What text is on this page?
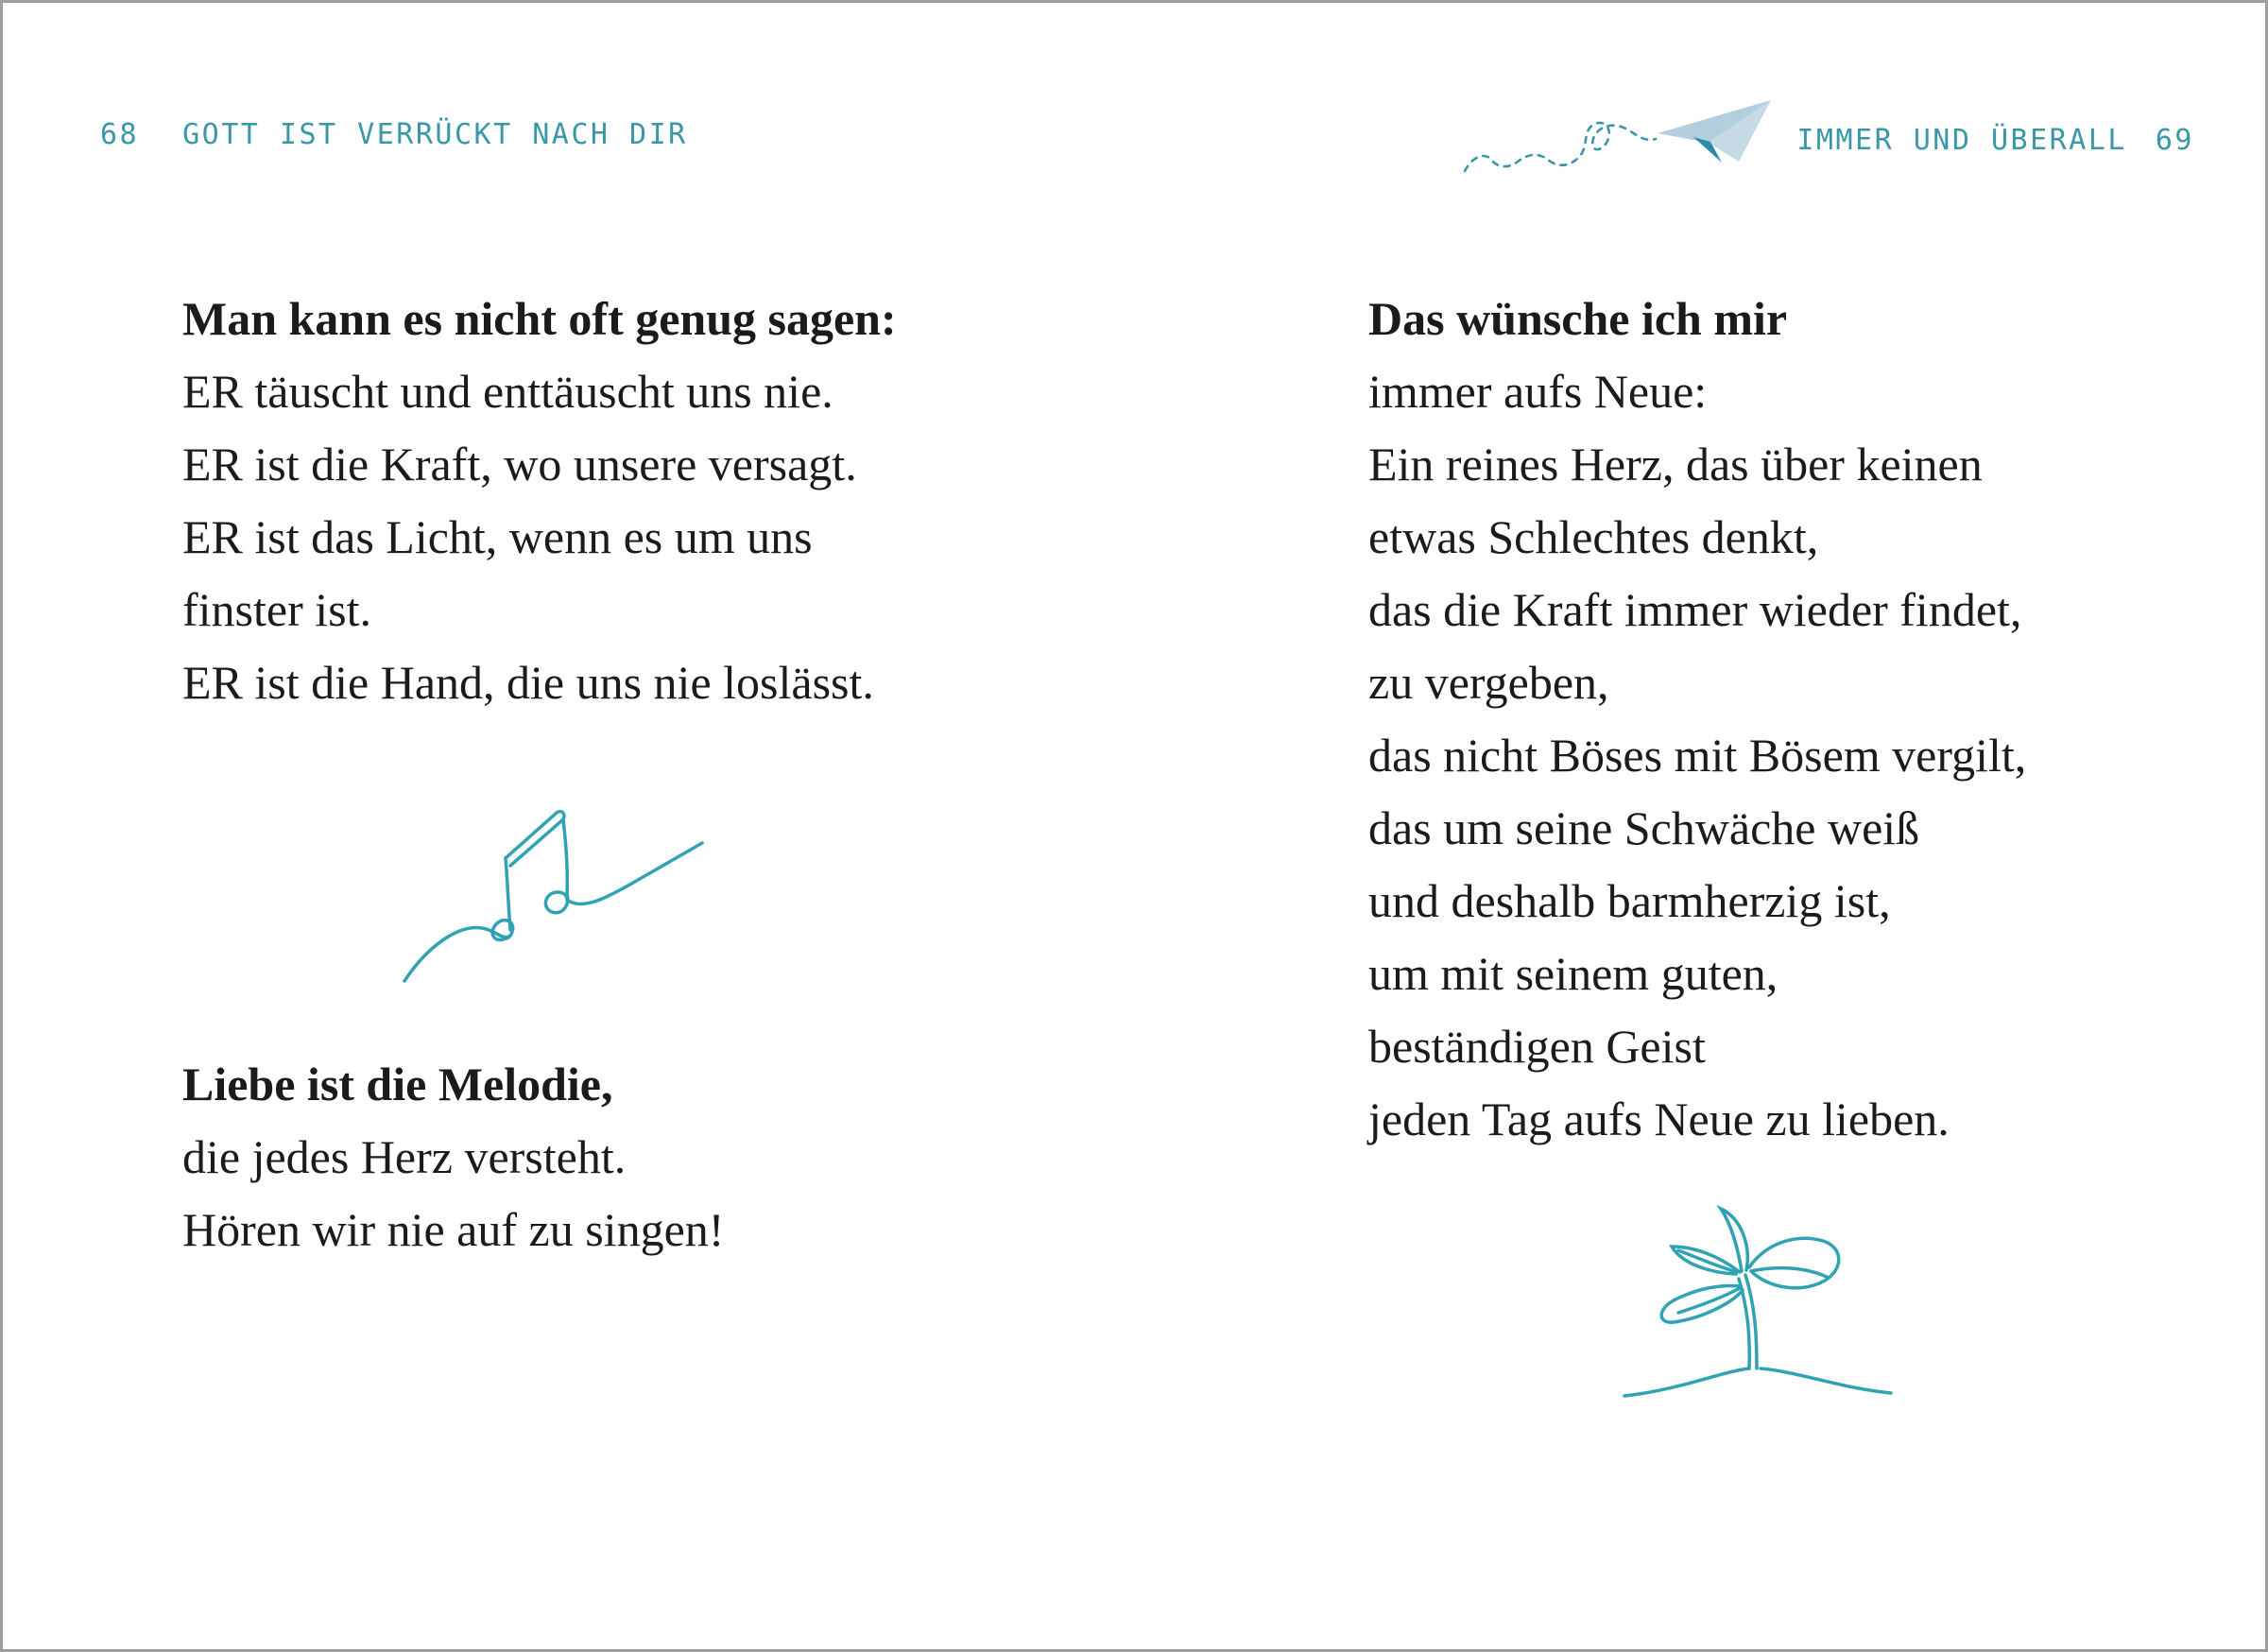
68 GOTT IST VERRÜCKT NACH DIR	IMMER UND ÜBERALL 69
Man kann es nicht oft genug sagen:
ER täuscht und enttäuscht uns nie.
ER ist die Kraft, wo unsere versagt.
ER ist das Licht, wenn es um uns
finster ist.
ER ist die Hand, die uns nie loslässt.
Liebe ist die Melodie,
die jedes Herz versteht.
Hören wir nie auf zu singen!
Das wünsche ich mir
immer aufs Neue:
Ein reines Herz, das über keinen
etwas Schlechtes denkt,
das die Kraft immer wieder findet,
zu vergeben,
das nicht Böses mit Bösem vergilt,
das um seine Schwäche weiß
und deshalb barmherzig ist,
um mit seinem guten,
beständigen Geist
jeden Tag aufs Neue zu lieben.
